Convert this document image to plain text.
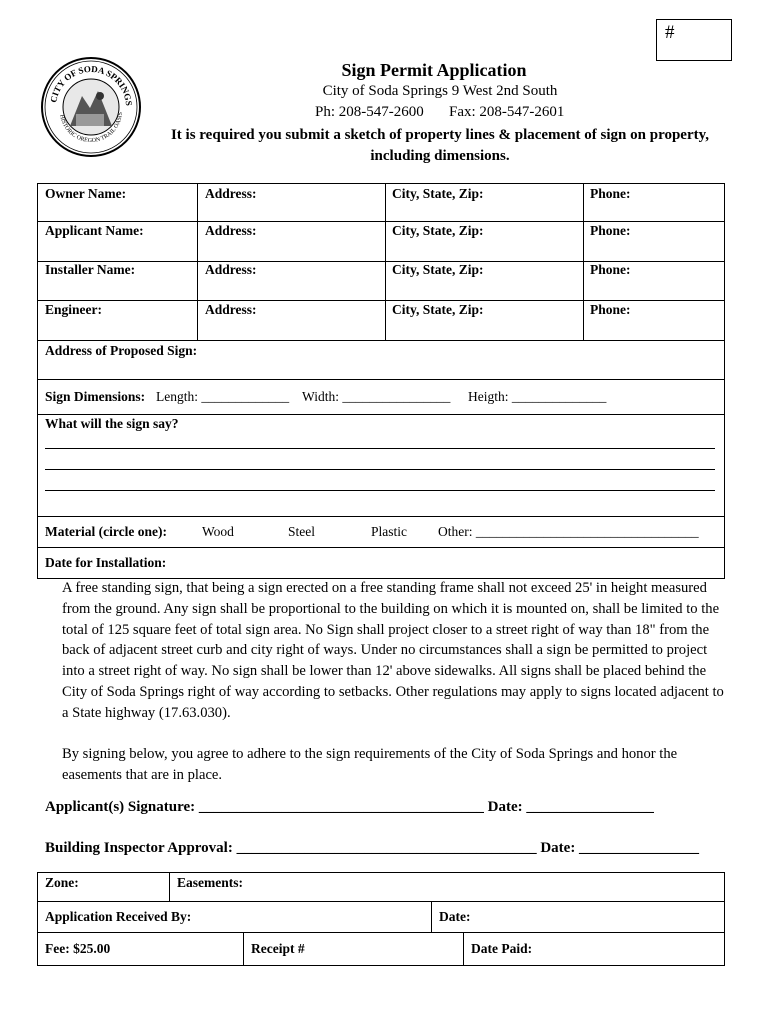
#
CITY OF SODA SPRINGS
HISTORIC OREGON TRAIL OASIS
Sign Permit Application
City of Soda Springs 9 West 2nd South
Ph: 208-547-2600 Fax: 208-547-2601
It is required you submit a sketch of property lines & placement of sign on property,
including dimensions.
Owner Name:	Address:	City, State, Zip:	Phone:
Applicant Name:	Address:	City, State, Zip:	Phone:
Installer Name:	Address:	City, State, Zip:	Phone:
Engineer:	Address:	City, State, Zip:	Phone:
Address of Proposed Sign:
Sign Dimensions: Length: _____________ Width: ________________ Heigth: ______________
What will the sign say?
Material (circle one):	Wood	Steel	Plastic Other: _________________________________
Date for Installation:
A free standing sign, that being a sign erected on a free standing frame shall not exceed 25' in height measured from the ground. Any sign shall be proportional to the building on which it is mounted on, shall be limited to the total of 125 square feet of total sign area. No Sign shall project closer to a street right of way than 18" from the back of adjacent street curb and city right of ways. Under no circumstances shall a sign be permitted to project into a street right of way. No sign shall be lower than 12' above sidewalks. All signs shall be placed behind the City of Soda Springs right of way according to setbacks. Other regulations may apply to signs located adjacent to a State highway (17.63.030).
By signing below, you agree to adhere to the sign requirements of the City of Soda Springs and honor the easements that are in place.
Applicant(s) Signature: ______________________________________ Date: _________________
Building Inspector Approval: ________________________________________ Date: ________________
Zone:	Easements:
Application Received By:	Date:
Fee: $25.00	Receipt #	Date Paid:
